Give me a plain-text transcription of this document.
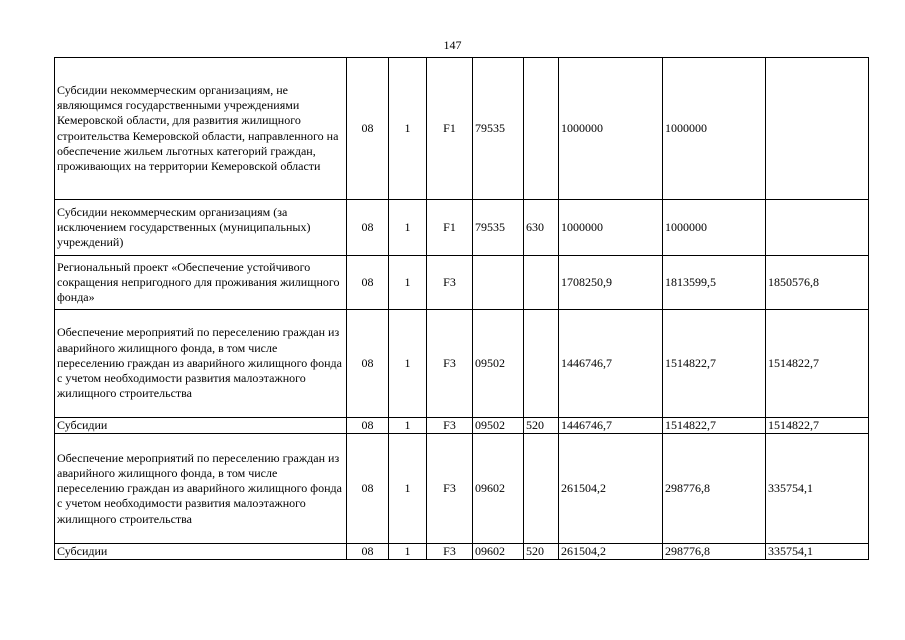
147
Субсидии некоммерческим организациям, не являющимся государственными учреждениями Кемеровской области, для развития жилищного строительства Кемеровской области, направленного на обеспечение жильем льготных категорий граждан, проживающих на территории Кемеровской области	08	1	F1	79535		1000000	1000000	
Субсидии некоммерческим организациям (за исключением государственных (муниципальных) учреждений)	08	1	F1	79535	630	1000000	1000000	
Региональный проект «Обеспечение устойчивого сокращения непригодного для проживания жилищного фонда»	08	1	F3			1708250,9	1813599,5	1850576,8
Обеспечение мероприятий по переселению граждан из аварийного жилищного фонда, в том числе переселению граждан из аварийного жилищного фонда с учетом необходимости развития малоэтажного жилищного строительства	08	1	F3	09502		1446746,7	1514822,7	1514822,7
Субсидии	08	1	F3	09502	520	1446746,7	1514822,7	1514822,7
Обеспечение мероприятий по переселению граждан из аварийного жилищного фонда, в том числе переселению граждан из аварийного жилищного фонда с учетом необходимости развития малоэтажного жилищного строительства	08	1	F3	09602		261504,2	298776,8	335754,1
Субсидии	08	1	F3	09602	520	261504,2	298776,8	335754,1
